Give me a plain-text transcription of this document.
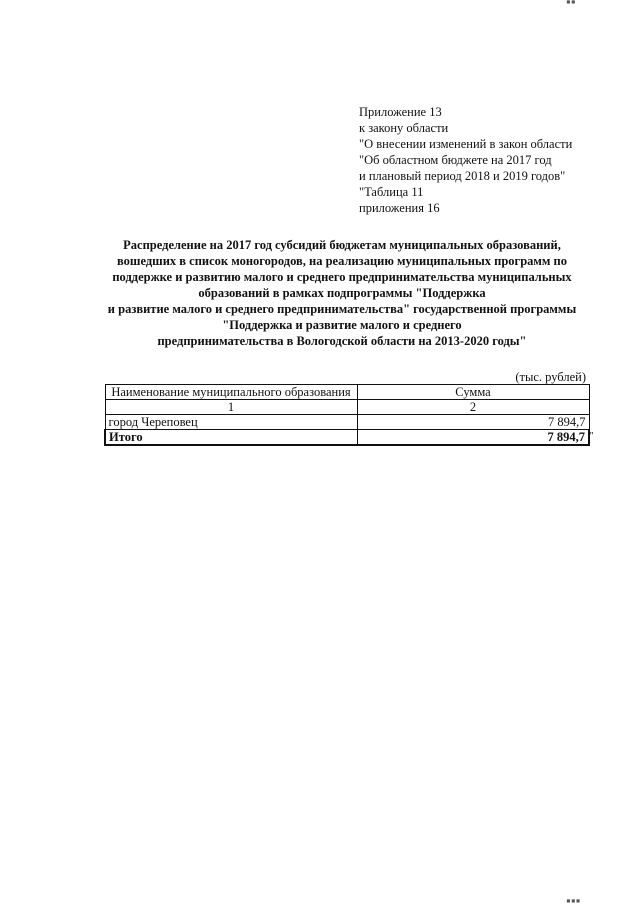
Приложение 13
к закону области
"О внесении изменений в закон области
"Об областном бюджете на 2017 год
и плановый период 2018 и 2019 годов"
"Таблица 11
приложения 16
Распределение на 2017 год субсидий бюджетам муниципальных образований,
вошедших в список моногородов, на реализацию муниципальных программ по
поддержке и развитию малого и среднего предпринимательства муниципальных
образований в рамках подпрограммы "Поддержка
и развитие малого и среднего предпринимательства" государственной программы
"Поддержка и развитие малого и среднего
предпринимательства в Вологодской области на 2013-2020 годы"
(тыс. рублей)
Наименование муниципального образования	Сумма
1	2
город Череповец	7 894,7
Итого	7 894,7 "
▪▪
▪▪▪
